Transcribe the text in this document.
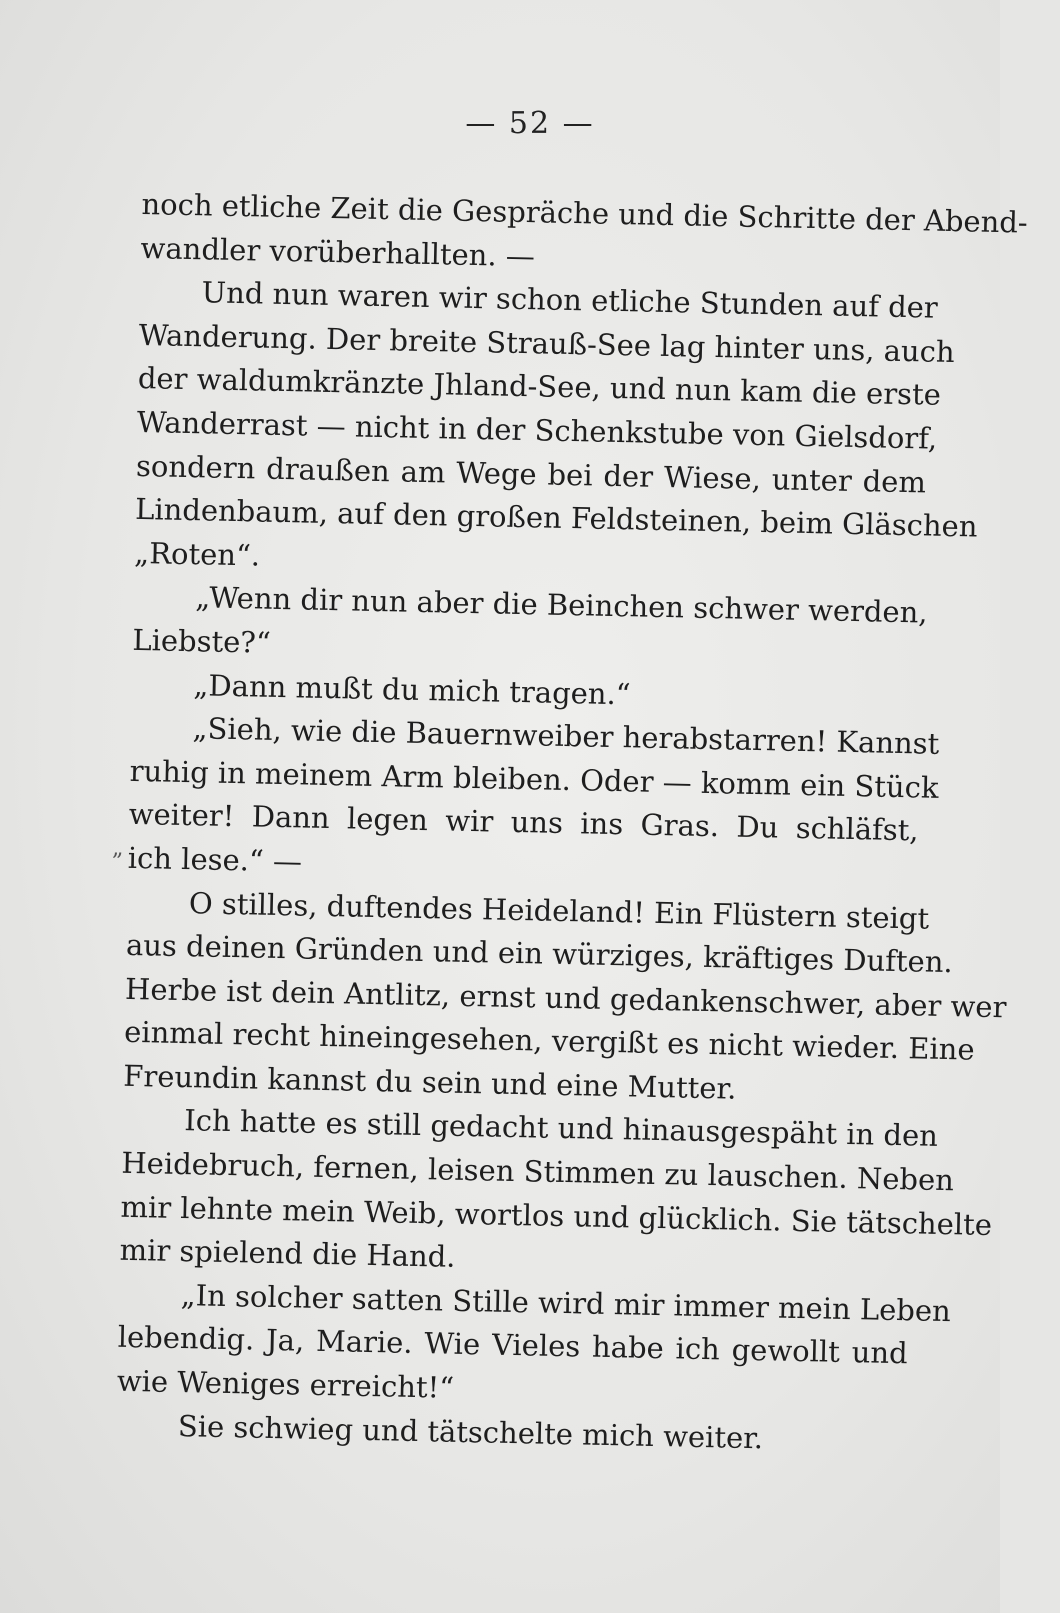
— 52 —
„
noch etliche Zeit die Gespräche und die Schritte der Abend-
wandler vorüberhallten. —
Und nun waren wir schon etliche Stunden auf der
Wanderung. Der breite Strauß-See lag hinter uns, auch
der waldumkränzte Jhland-See, und nun kam die erste
Wanderrast — nicht in der Schenkstube von Gielsdorf,
sondern draußen am Wege bei der Wiese, unter dem
Lindenbaum, auf den großen Feldsteinen, beim Gläschen
„Roten“.
„Wenn dir nun aber die Beinchen schwer werden,
Liebste?“
„Dann mußt du mich tragen.“
„Sieh, wie die Bauernweiber herabstarren! Kannst
ruhig in meinem Arm bleiben. Oder — komm ein Stück
weiter! Dann legen wir uns ins Gras. Du schläfst,
ich lese.“ —
O stilles, duftendes Heideland! Ein Flüstern steigt
aus deinen Gründen und ein würziges, kräftiges Duften.
Herbe ist dein Antlitz, ernst und gedankenschwer, aber wer
einmal recht hineingesehen, vergißt es nicht wieder. Eine
Freundin kannst du sein und eine Mutter.
Ich hatte es still gedacht und hinausgespäht in den
Heidebruch, fernen, leisen Stimmen zu lauschen. Neben
mir lehnte mein Weib, wortlos und glücklich. Sie tätschelte
mir spielend die Hand.
„In solcher satten Stille wird mir immer mein Leben
lebendig. Ja, Marie. Wie Vieles habe ich gewollt und
wie Weniges erreicht!“
Sie schwieg und tätschelte mich weiter.
